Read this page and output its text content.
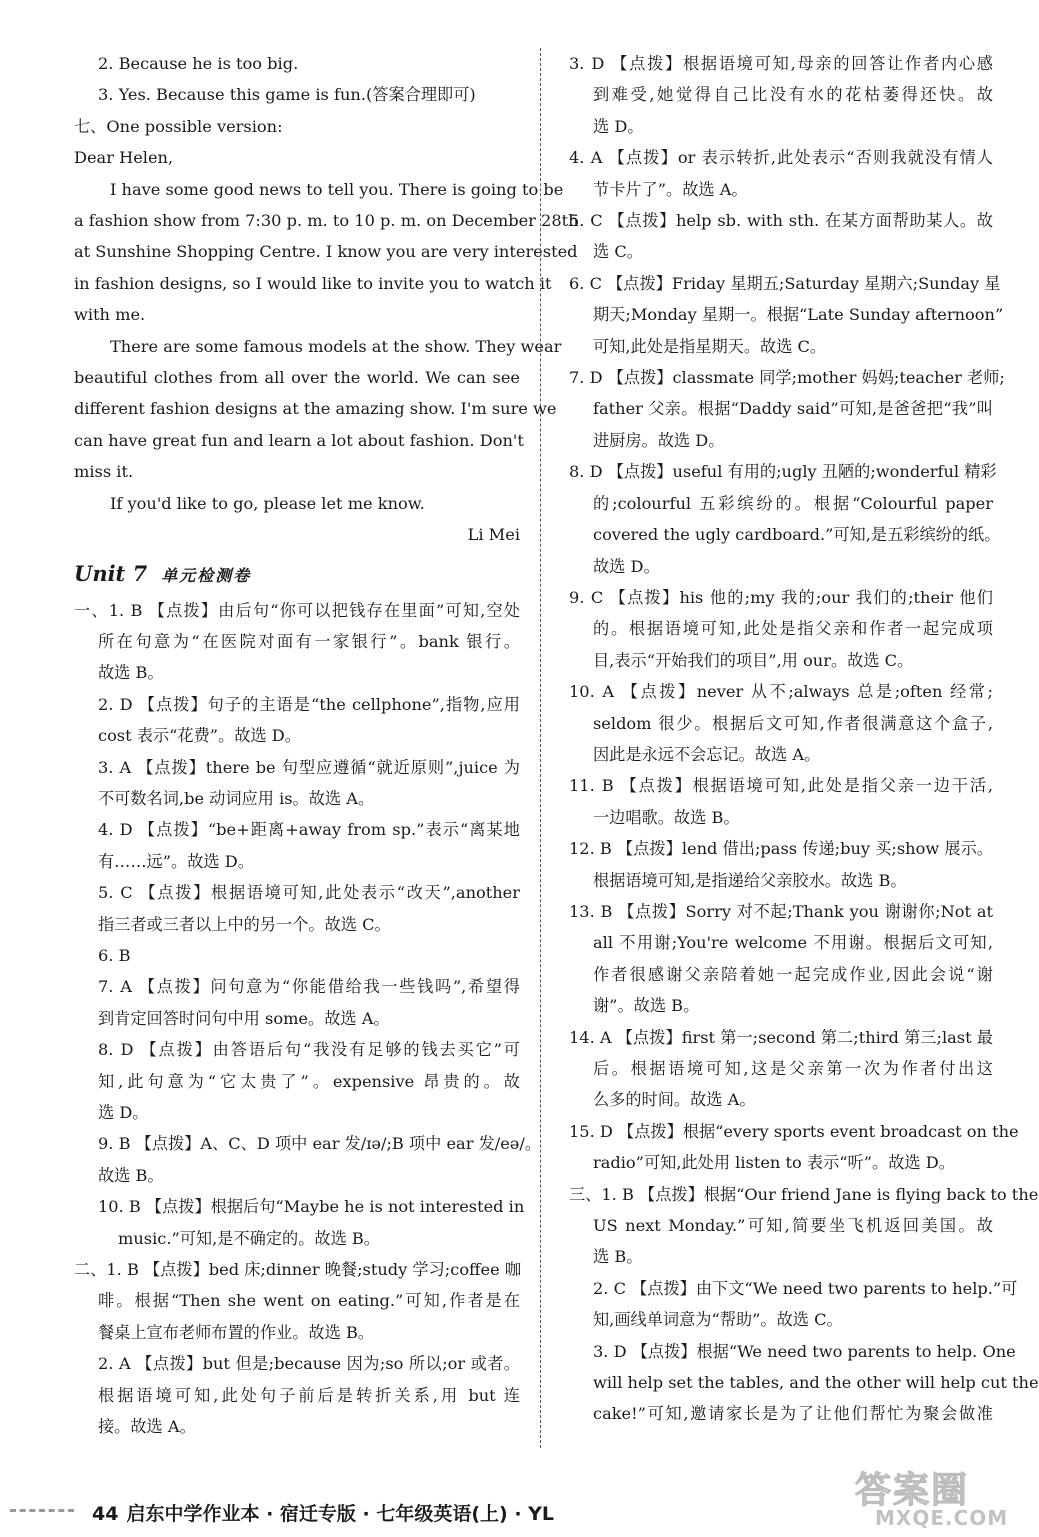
2. Because he is too big.
3. Yes. Because this game is fun.(答案合理即可)
七、One possible version:
Dear Helen,
I have some good news to tell you. There is going to be
a fashion show from 7:30 p. m. to 10 p. m. on December 28th
at Sunshine Shopping Centre. I know you are very interested
in fashion designs, so I would like to invite you to watch it
with me.
There are some famous models at the show. They wear
beautiful clothes from all over the world. We can see
different fashion designs at the amazing show. I'm sure we
can have great fun and learn a lot about fashion. Don't
miss it.
If you'd like to go, please let me know.
Li Mei
Unit 7 单元检测卷
一、1. B 【点拨】由后句“你可以把钱存在里面”可知,空处
所在句意为“在医院对面有一家银行”。bank 银行。
故选 B。
2. D 【点拨】句子的主语是“the cellphone”,指物,应用
cost 表示“花费”。故选 D。
3. A 【点拨】there be 句型应遵循“就近原则”,juice 为
不可数名词,be 动词应用 is。故选 A。
4. D 【点拨】“be+距离+away from sp.”表示“离某地
有……远”。故选 D。
5. C 【点拨】根据语境可知,此处表示“改天”,another
指三者或三者以上中的另一个。故选 C。
6. B
7. A 【点拨】问句意为“你能借给我一些钱吗”,希望得
到肯定回答时问句中用 some。故选 A。
8. D 【点拨】由答语后句“我没有足够的钱去买它”可
知,此句意为“它太贵了”。expensive 昂贵的。故
选 D。
9. B 【点拨】A、C、D 项中 ear 发/ɪə/;B 项中 ear 发/eə/。
故选 B。
10. B 【点拨】根据后句“Maybe he is not interested in
music.”可知,是不确定的。故选 B。
二、1. B 【点拨】bed 床;dinner 晚餐;study 学习;coffee 咖
啡。根据“Then she went on eating.”可知,作者是在
餐桌上宣布老师布置的作业。故选 B。
2. A 【点拨】but 但是;because 因为;so 所以;or 或者。
根据语境可知,此处句子前后是转折关系,用 but 连
接。故选 A。
3. D 【点拨】根据语境可知,母亲的回答让作者内心感
到难受,她觉得自己比没有水的花枯萎得还快。故
选 D。
4. A 【点拨】or 表示转折,此处表示“否则我就没有情人
节卡片了”。故选 A。
5. C 【点拨】help sb. with sth. 在某方面帮助某人。故
选 C。
6. C 【点拨】Friday 星期五;Saturday 星期六;Sunday 星
期天;Monday 星期一。根据“Late Sunday afternoon”
可知,此处是指星期天。故选 C。
7. D 【点拨】classmate 同学;mother 妈妈;teacher 老师;
father 父亲。根据“Daddy said”可知,是爸爸把“我”叫
进厨房。故选 D。
8. D 【点拨】useful 有用的;ugly 丑陋的;wonderful 精彩
的;colourful 五彩缤纷的。根据“Colourful paper
covered the ugly cardboard.”可知,是五彩缤纷的纸。
故选 D。
9. C 【点拨】his 他的;my 我的;our 我们的;their 他们
的。根据语境可知,此处是指父亲和作者一起完成项
目,表示“开始我们的项目”,用 our。故选 C。
10. A 【点拨】never 从不;always 总是;often 经常;
seldom 很少。根据后文可知,作者很满意这个盒子,
因此是永远不会忘记。故选 A。
11. B 【点拨】根据语境可知,此处是指父亲一边干活,
一边唱歌。故选 B。
12. B 【点拨】lend 借出;pass 传递;buy 买;show 展示。
根据语境可知,是指递给父亲胶水。故选 B。
13. B 【点拨】Sorry 对不起;Thank you 谢谢你;Not at
all 不用谢;You're welcome 不用谢。根据后文可知,
作者很感谢父亲陪着她一起完成作业,因此会说“谢
谢”。故选 B。
14. A 【点拨】first 第一;second 第二;third 第三;last 最
后。根据语境可知,这是父亲第一次为作者付出这
么多的时间。故选 A。
15. D 【点拨】根据“every sports event broadcast on the
radio”可知,此处用 listen to 表示“听”。故选 D。
三、1. B 【点拨】根据“Our friend Jane is flying back to the
US next Monday.”可知,简要坐飞机返回美国。故
选 B。
2. C 【点拨】由下文“We need two parents to help.”可
知,画线单词意为“帮助”。故选 C。
3. D 【点拨】根据“We need two parents to help. One
will help set the tables, and the other will help cut the
cake!”可知,邀请家长是为了让他们帮忙为聚会做准
44 启东中学作业本 · 宿迁专版 · 七年级英语(上) · YL
答案圈
MXQE.COM
